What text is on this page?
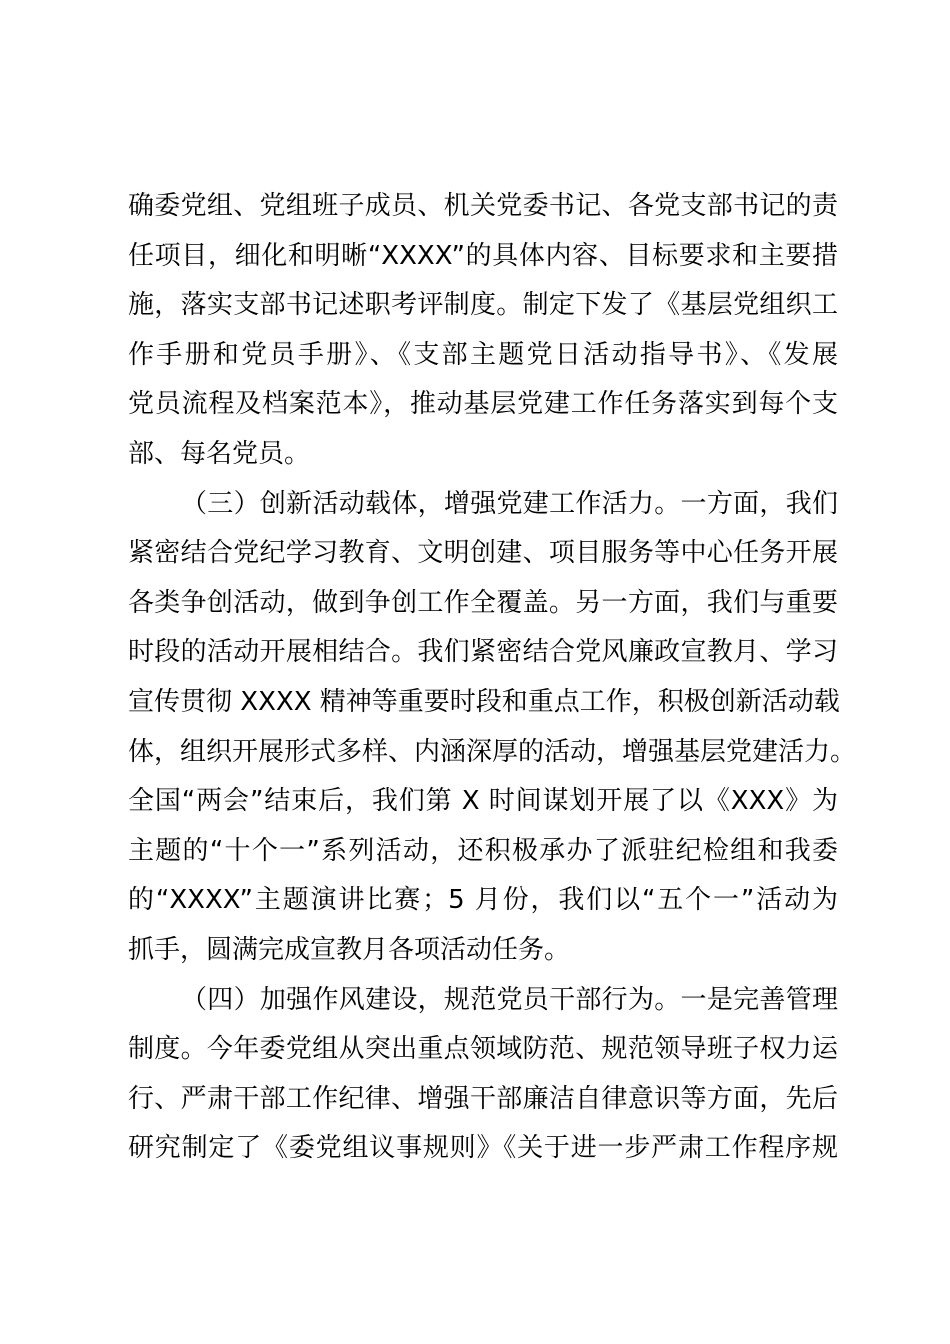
确委党组、党组班子成员、机关党委书记、各党支部书记的责
任项目，细化和明晰“XXXX”的具体内容、目标要求和主要措
施，落实支部书记述职考评制度。制定下发了《基层党组织工
作手册和党员手册》、《支部主题党日活动指导书》、《发展
党员流程及档案范本》，推动基层党建工作任务落实到每个支
部、每名党员。
（三）创新活动载体，增强党建工作活力。一方面，我们
紧密结合党纪学习教育、文明创建、项目服务等中心任务开展
各类争创活动，做到争创工作全覆盖。另一方面，我们与重要
时段的活动开展相结合。我们紧密结合党风廉政宣教月、学习
宣传贯彻 XXXX 精神等重要时段和重点工作，积极创新活动载
体，组织开展形式多样、内涵深厚的活动，增强基层党建活力。
全国“两会”结束后，我们第 X 时间谋划开展了以《XXX》为
主题的“十个一”系列活动，还积极承办了派驻纪检组和我委
的“XXXX”主题演讲比赛；5 月份，我们以“五个一”活动为
抓手，圆满完成宣教月各项活动任务。
（四）加强作风建设，规范党员干部行为。一是完善管理
制度。今年委党组从突出重点领域防范、规范领导班子权力运
行、严肃干部工作纪律、增强干部廉洁自律意识等方面，先后
研究制定了《委党组议事规则》《关于进一步严肃工作程序规
